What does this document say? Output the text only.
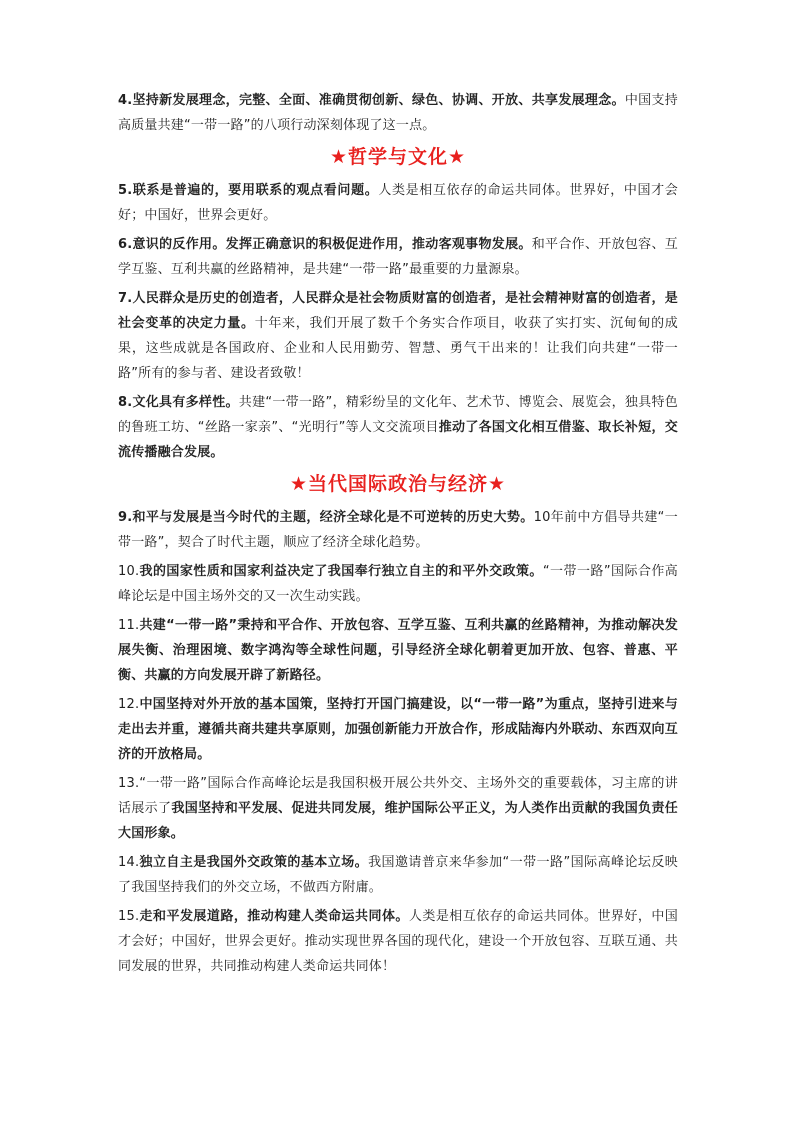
4.坚持新发展理念，完整、全面、准确贯彻创新、绿色、协调、开放、共享发展理念。中国支持高质量共建“一带一路”的八项行动深刻体现了这一点。

★哲学与文化★

5.联系是普遍的，要用联系的观点看问题。人类是相互依存的命运共同体。世界好，中国才会好；中国好，世界会更好。

6.意识的反作用。发挥正确意识的积极促进作用，推动客观事物发展。和平合作、开放包容、互学互鉴、互利共赢的丝路精神，是共建“一带一路”最重要的力量源泉。

7.人民群众是历史的创造者，人民群众是社会物质财富的创造者，是社会精神财富的创造者，是社会变革的决定力量。十年来，我们开展了数千个务实合作项目，收获了实打实、沉甸甸的成果，这些成就是各国政府、企业和人民用勤劳、智慧、勇气干出来的！让我们向共建“一带一路”所有的参与者、建设者致敬！

8.文化具有多样性。共建“一带一路”，精彩纷呈的文化年、艺术节、博览会、展览会，独具特色的鲁班工坊、“丝路一家亲”、“光明行”等人文交流项目推动了各国文化相互借鉴、取长补短，交流传播融合发展。

★当代国际政治与经济★

9.和平与发展是当今时代的主题，经济全球化是不可逆转的历史大势。10年前中方倡导共建“一带一路”，契合了时代主题，顺应了经济全球化趋势。

10.我的国家性质和国家利益决定了我国奉行独立自主的和平外交政策。“一带一路”国际合作高峰论坛是中国主场外交的又一次生动实践。

11.共建“一带一路”秉持和平合作、开放包容、互学互鉴、互利共赢的丝路精神，为推动解决发展失衡、治理困境、数字鸿沟等全球性问题，引导经济全球化朝着更加开放、包容、普惠、平衡、共赢的方向发展开辟了新路径。

12.中国坚持对外开放的基本国策，坚持打开国门搞建设，以“一带一路”为重点，坚持引进来与走出去并重，遵循共商共建共享原则，加强创新能力开放合作，形成陆海内外联动、东西双向互济的开放格局。

13.“一带一路”国际合作高峰论坛是我国积极开展公共外交、主场外交的重要载体，习主席的讲话展示了我国坚持和平发展、促进共同发展，维护国际公平正义，为人类作出贡献的我国负责任大国形象。

14.独立自主是我国外交政策的基本立场。我国邀请普京来华参加“一带一路”国际高峰论坛反映了我国坚持我们的外交立场，不做西方附庸。

15.走和平发展道路，推动构建人类命运共同体。人类是相互依存的命运共同体。世界好，中国才会好；中国好，世界会更好。推动实现世界各国的现代化，建设一个开放包容、互联互通、共同发展的世界，共同推动构建人类命运共同体！
